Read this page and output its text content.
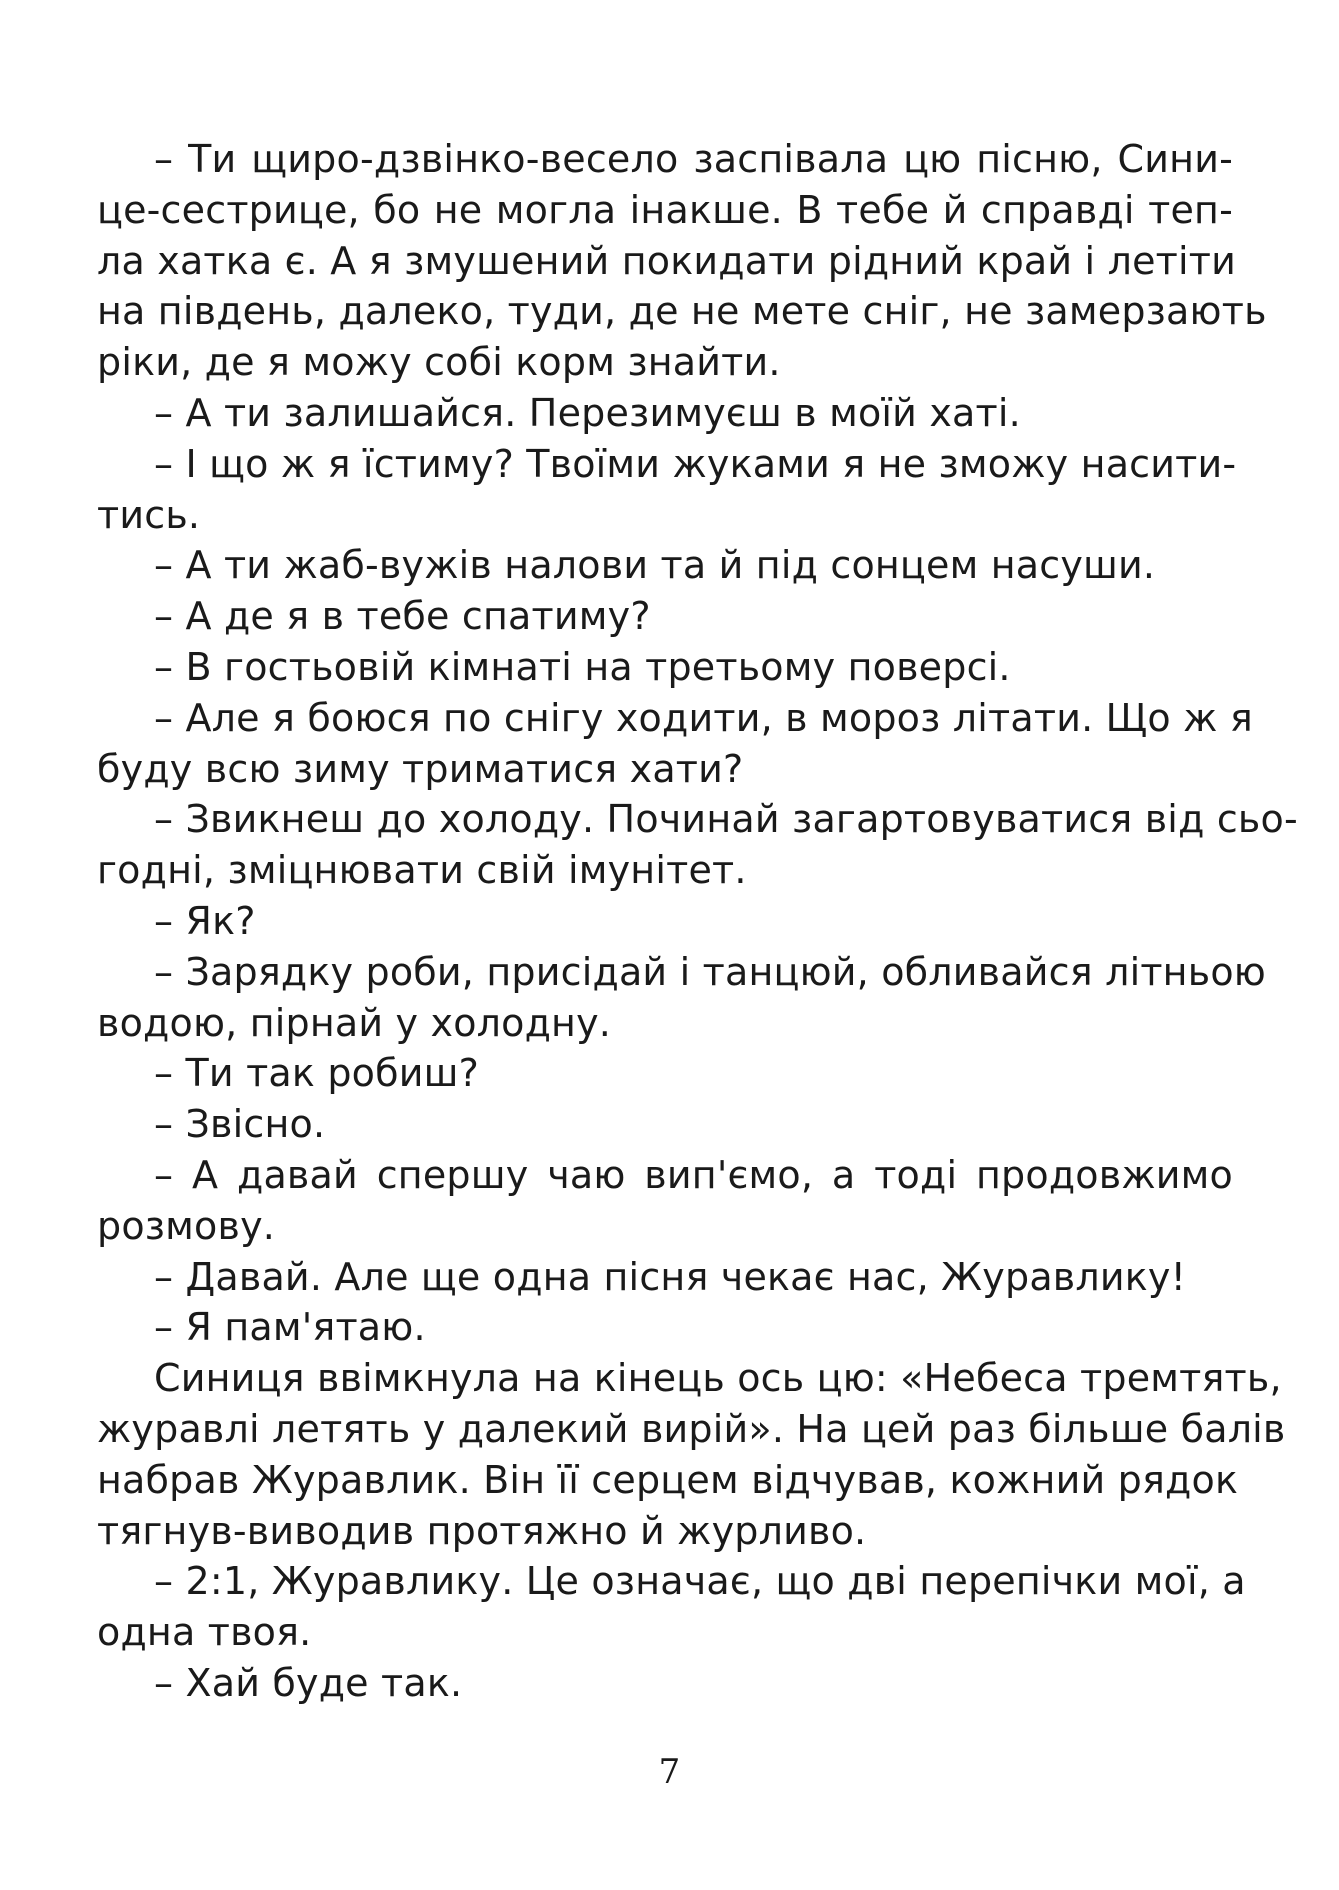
– Ти щиро-дзвінко-весело заспівала цю пісню, Сини-
це-сестрице, бо не могла інакше. В тебе й справді теп-
ла хатка є. А я змушений покидати рідний край і летіти
на південь, далеко, туди, де не мете сніг, не замерзають
ріки, де я можу собі корм знайти.

– А ти залишайся. Перезимуєш в моїй хаті.

– І що ж я їстиму? Твоїми жуками я не зможу насити-
тись.

– А ти жаб-вужів налови та й під сонцем насуши.

– А де я в тебе спатиму?

– В гостьовій кімнаті на третьому поверсі.

– Але я боюся по снігу ходити, в мороз літати. Що ж я
буду всю зиму триматися хати?

– Звикнеш до холоду. Починай загартовуватися від сьо-
годні, зміцнювати свій імунітет.

– Як?

– Зарядку роби, присідай і танцюй, обливайся літньою
водою, пірнай у холодну.

– Ти так робиш?

– Звісно.

– А давай спершу чаю вип'ємо, а тоді продовжимо
розмову.

– Давай. Але ще одна пісня чекає нас, Журавлику!

– Я пам'ятаю.

Синиця ввімкнула на кінець ось цю: «Небеса тремтять,
журавлі летять у далекий вирій». На цей раз більше балів
набрав Журавлик. Він її серцем відчував, кожний рядок
тягнув-виводив протяжно й журливо.

– 2:1, Журавлику. Це означає, що дві перепічки мої, а
одна твоя.

– Хай буде так.

7
